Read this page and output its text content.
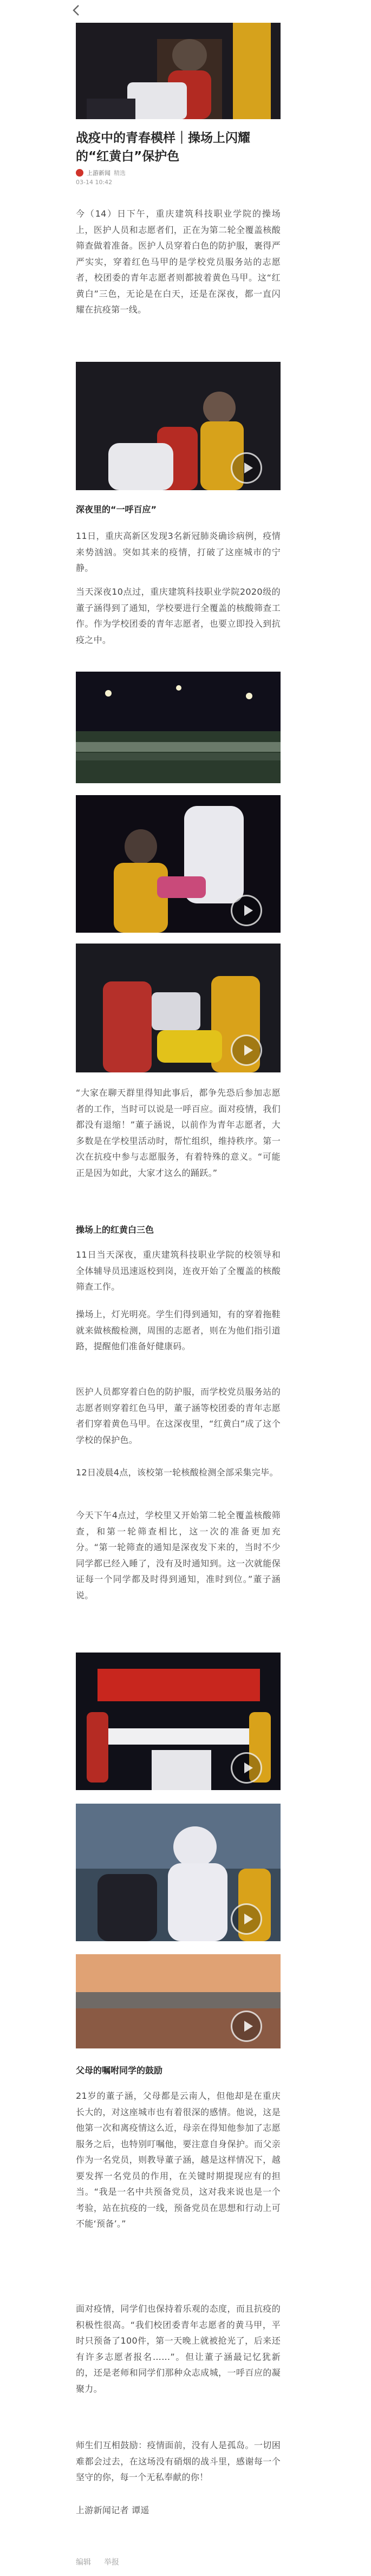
战疫中的青春模样｜操场上闪耀的“红黄白”保护色
上游新闻 精选
03-14 10:42
今（14）日下午，重庆建筑科技职业学院的操场上，医护人员和志愿者们，正在为第二轮全覆盖核酸筛查做着准备。医护人员穿着白色的防护服，裹得严严实实，穿着红色马甲的是学校党员服务站的志愿者，校团委的青年志愿者则都披着黄色马甲。这“红黄白”三色，无论是在白天，还是在深夜，都一直闪耀在抗疫第一线。
深夜里的“一呼百应”
11日，重庆高新区发现3名新冠肺炎确诊病例，疫情来势汹汹。突如其来的疫情，打破了这座城市的宁静。
当天深夜10点过，重庆建筑科技职业学院2020级的董子涵得到了通知，学校要进行全覆盖的核酸筛查工作。作为学校团委的青年志愿者，也要立即投入到抗疫之中。
“大家在聊天群里得知此事后，都争先恐后参加志愿者的工作，当时可以说是一呼百应。面对疫情，我们都没有退缩！”董子涵说，以前作为青年志愿者，大多数是在学校里活动时，帮忙组织，维持秩序。第一次在抗疫中参与志愿服务，有着特殊的意义。“可能正是因为如此，大家才这么的踊跃。”
操场上的红黄白三色
11日当天深夜，重庆建筑科技职业学院的校领导和全体辅导员迅速返校到岗，连夜开始了全覆盖的核酸筛查工作。
操场上，灯光明亮。学生们得到通知，有的穿着拖鞋就来做核酸检测，周围的志愿者，则在为他们指引道路，提醒他们准备好健康码。
医护人员都穿着白色的防护服，而学校党员服务站的志愿者则穿着红色马甲，董子涵等校团委的青年志愿者们穿着黄色马甲。在这深夜里，“红黄白”成了这个学校的保护色。
12日凌晨4点，该校第一轮核酸检测全部采集完毕。
今天下午4点过，学校里又开始第二轮全覆盖核酸筛查，和第一轮筛查相比，这一次的准备更加充分。“第一轮筛查的通知是深夜发下来的，当时不少同学都已经入睡了，没有及时通知到。这一次就能保证每一个同学都及时得到通知，准时到位。”董子涵说。
父母的嘱咐同学的鼓励
21岁的董子涵，父母都是云南人，但他却是在重庆长大的，对这座城市也有着很深的感情。他说，这是他第一次和离疫情这么近，母亲在得知他参加了志愿服务之后，也特别叮嘱他，要注意自身保护。而父亲作为一名党员，则教导董子涵，越是这样情况下，越要发挥一名党员的作用，在关键时期提现应有的担当。“我是一名中共预备党员，这对我来说也是一个考验，站在抗疫的一线，预备党员在思想和行动上可不能‘预备’。”
面对疫情，同学们也保持着乐观的态度，而且抗疫的积极性很高。“我们校团委青年志愿者的黄马甲，平时只预备了100件，第一天晚上就被抢光了，后来还有许多志愿者报名……”。但让董子涵最记忆犹新的，还是老师和同学们那种众志成城，一呼百应的凝聚力。
师生们互相鼓励：疫情面前，没有人是孤岛。一切困难都会过去，在这场没有硝烟的战斗里，感谢每一个坚守的你，每一个无私奉献的你！
上游新闻记者 谭遥
编辑 举报
